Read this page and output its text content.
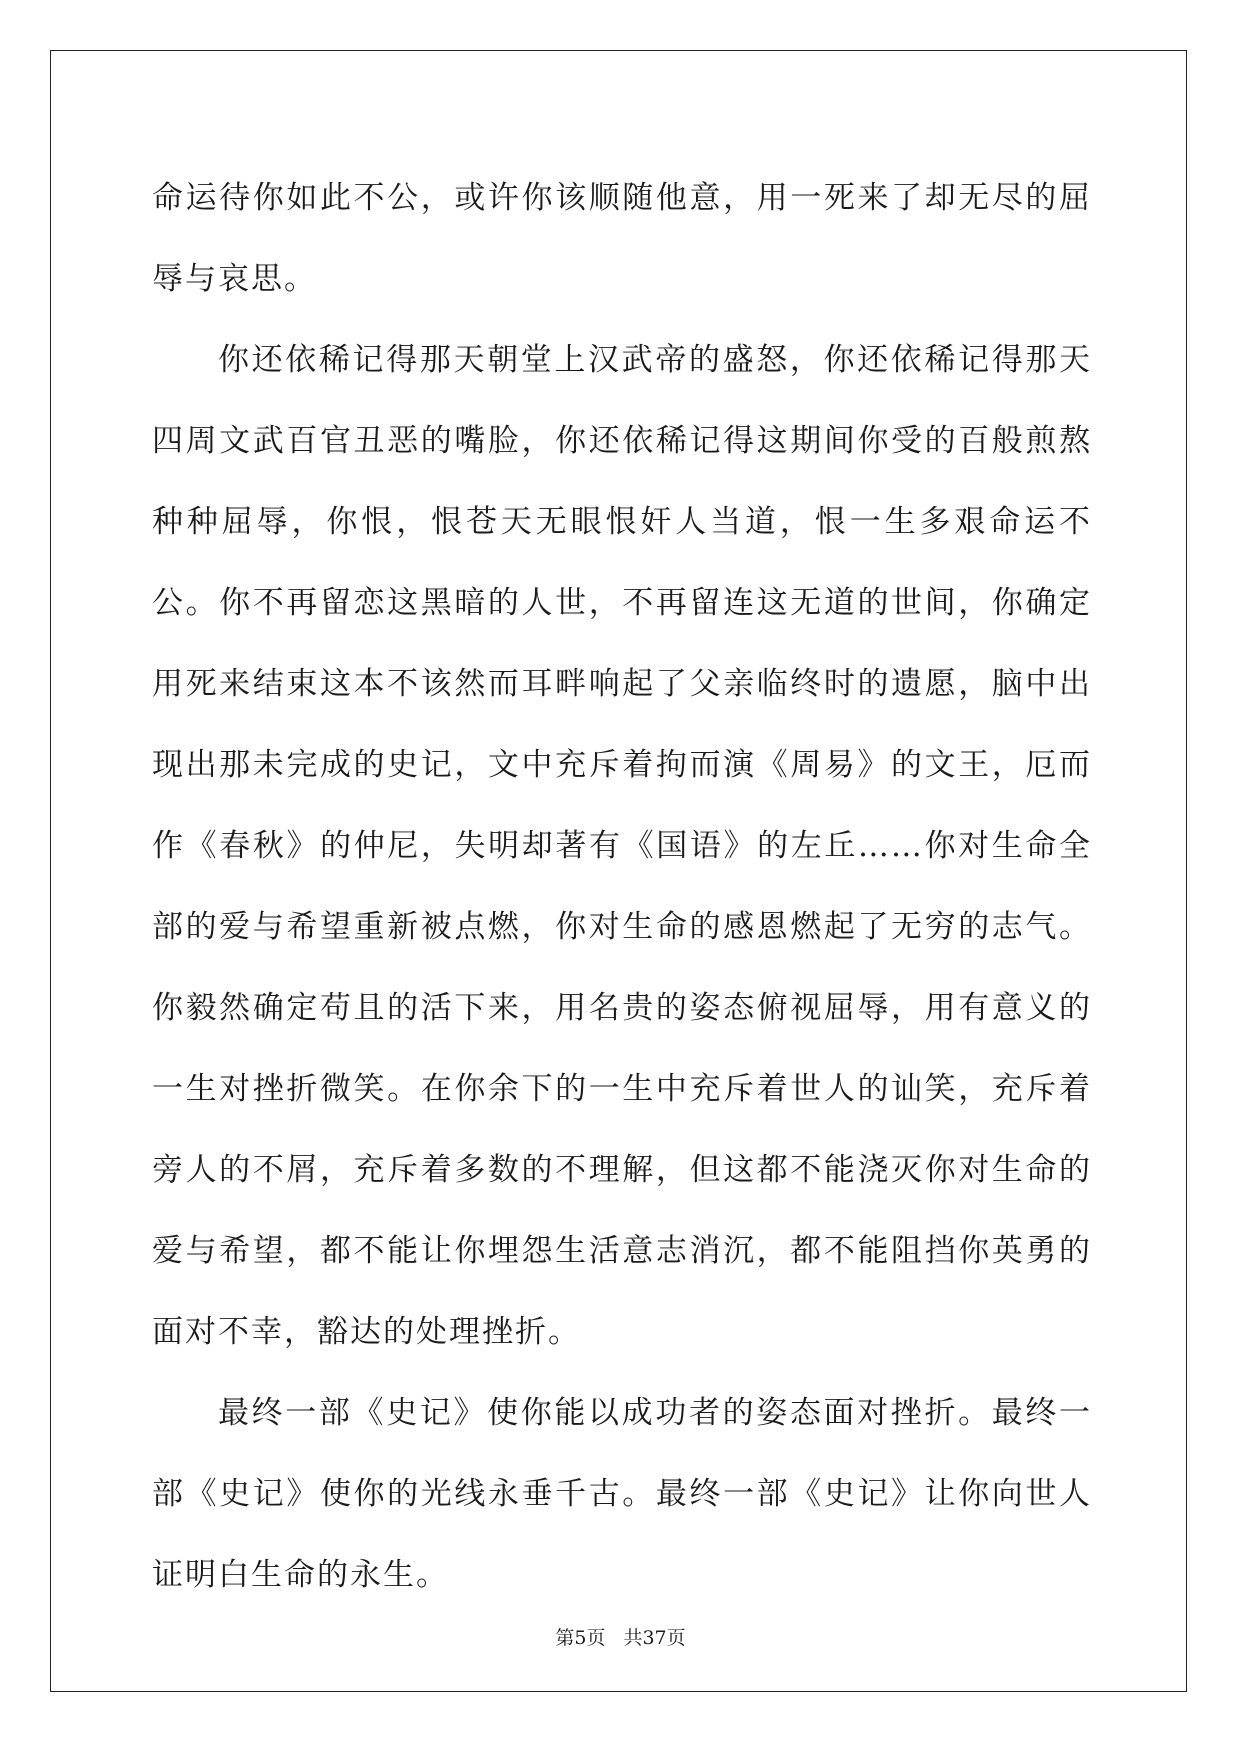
命运待你如此不公，或许你该顺随他意，用一死来了却无尽的屈辱与哀思。

你还依稀记得那天朝堂上汉武帝的盛怒，你还依稀记得那天四周文武百官丑恶的嘴脸，你还依稀记得这期间你受的百般煎熬种种屈辱，你恨，恨苍天无眼恨奸人当道，恨一生多艰命运不公。你不再留恋这黑暗的人世，不再留连这无道的世间，你确定用死来结束这本不该然而耳畔响起了父亲临终时的遗愿，脑中出现出那未完成的史记，文中充斥着拘而演《周易》的文王，厄而作《春秋》的仲尼，失明却著有《国语》的左丘……你对生命全部的爱与希望重新被点燃，你对生命的感恩燃起了无穷的志气。你毅然确定苟且的活下来，用名贵的姿态俯视屈辱，用有意义的一生对挫折微笑。在你余下的一生中充斥着世人的讪笑，充斥着旁人的不屑，充斥着多数的不理解，但这都不能浇灭你对生命的爱与希望，都不能让你埋怨生活意志消沉，都不能阻挡你英勇的面对不幸，豁达的处理挫折。

最终一部《史记》使你能以成功者的姿态面对挫折。最终一部《史记》使你的光线永垂千古。最终一部《史记》让你向世人证明白生命的永生。

第5页 共37页
